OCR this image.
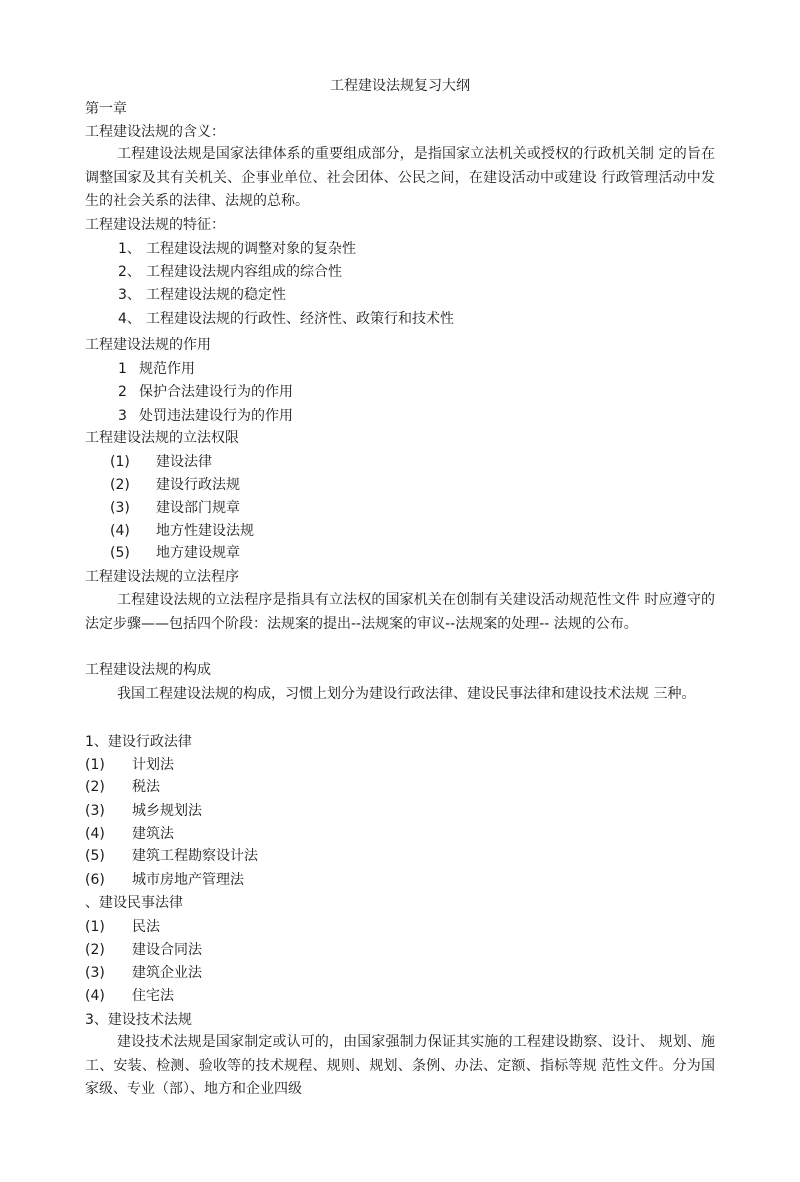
工程建设法规复习大纲
第一章
工程建设法规的含义：
工程建设法规是国家法律体系的重要组成部分，是指国家立法机关或授权的行政机关制 定的旨在调整国家及其有关机关、企事业单位、社会团体、公民之间，在建设活动中或建设 行政管理活动中发生的社会关系的法律、法规的总称。
工程建设法规的特征：
1、 工程建设法规的调整对象的复杂性
2、 工程建设法规内容组成的综合性
3、 工程建设法规的稳定性
4、 工程建设法规的行政性、经济性、政策行和技术性
工程建设法规的作用
1 规范作用
2 保护合法建设行为的作用
3 处罚违法建设行为的作用
工程建设法规的立法权限
(1) 建设法律
(2) 建设行政法规
(3) 建设部门规章
(4) 地方性建设法规
(5) 地方建设规章
工程建设法规的立法程序
工程建设法规的立法程序是指具有立法权的国家机关在创制有关建设活动规范性文件 时应遵守的法定步骤——包括四个阶段：法规案的提出--法规案的审议--法规案的处理-- 法规的公布。
工程建设法规的构成
我国工程建设法规的构成，习惯上划分为建设行政法律、建设民事法律和建设技术法规 三种。
1、建设行政法律
(1) 计划法
(2) 税法
(3) 城乡规划法
(4) 建筑法
(5) 建筑工程勘察设计法
(6) 城市房地产管理法
、建设民事法律
(1) 民法
(2) 建设合同法
(3) 建筑企业法
(4) 住宅法
3、建设技术法规
建设技术法规是国家制定或认可的，由国家强制力保证其实施的工程建设勘察、设计、 规划、施工、安装、检测、验收等的技术规程、规则、规划、条例、办法、定额、指标等规 范性文件。分为国家级、专业（部）、地方和企业四级
